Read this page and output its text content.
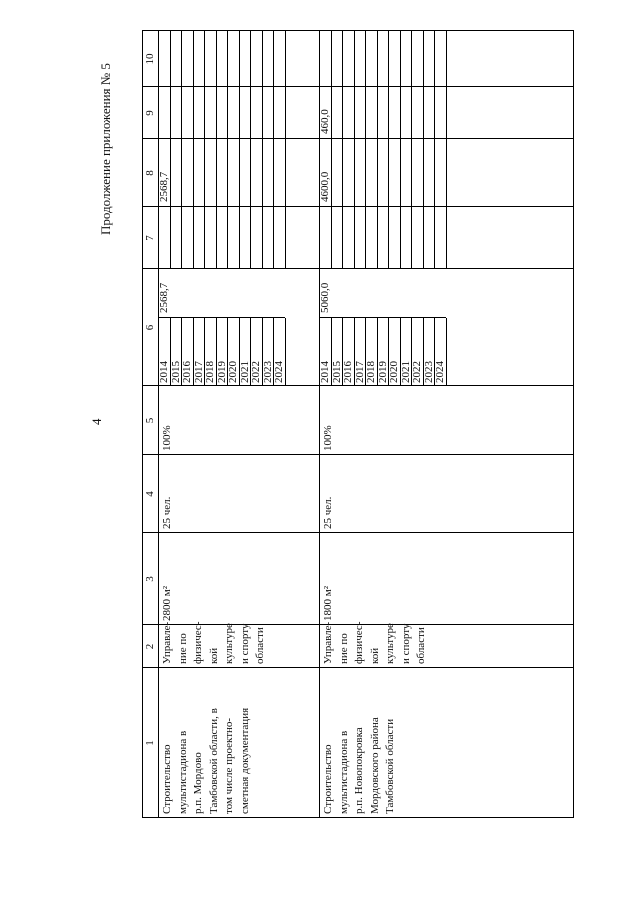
4
Продолжение приложения № 5
1
2
3
4
5
6
7
8
9
10
Строительство мультистадиона в р.п. Мордово Тамбовской области, в том числе проектно- сметная документация
Управле- ние по физичес- кой культуре и спорту области
2800 м²
25 чел.
100%
2014 2015 2016 2017 2018 2019 2020 2021 2022 2023 2024
2568,7
2568,7
Строительство мультистадиона в р.п. Новопокровка Мордовского района Тамбовской области
Управле- ние по физичес- кой культуре и спорту области
1800 м²
25 чел.
100%
2014 2015 2016 2017 2018 2019 2020 2021 2022 2023 2024
5060,0
4600,0
460,0
